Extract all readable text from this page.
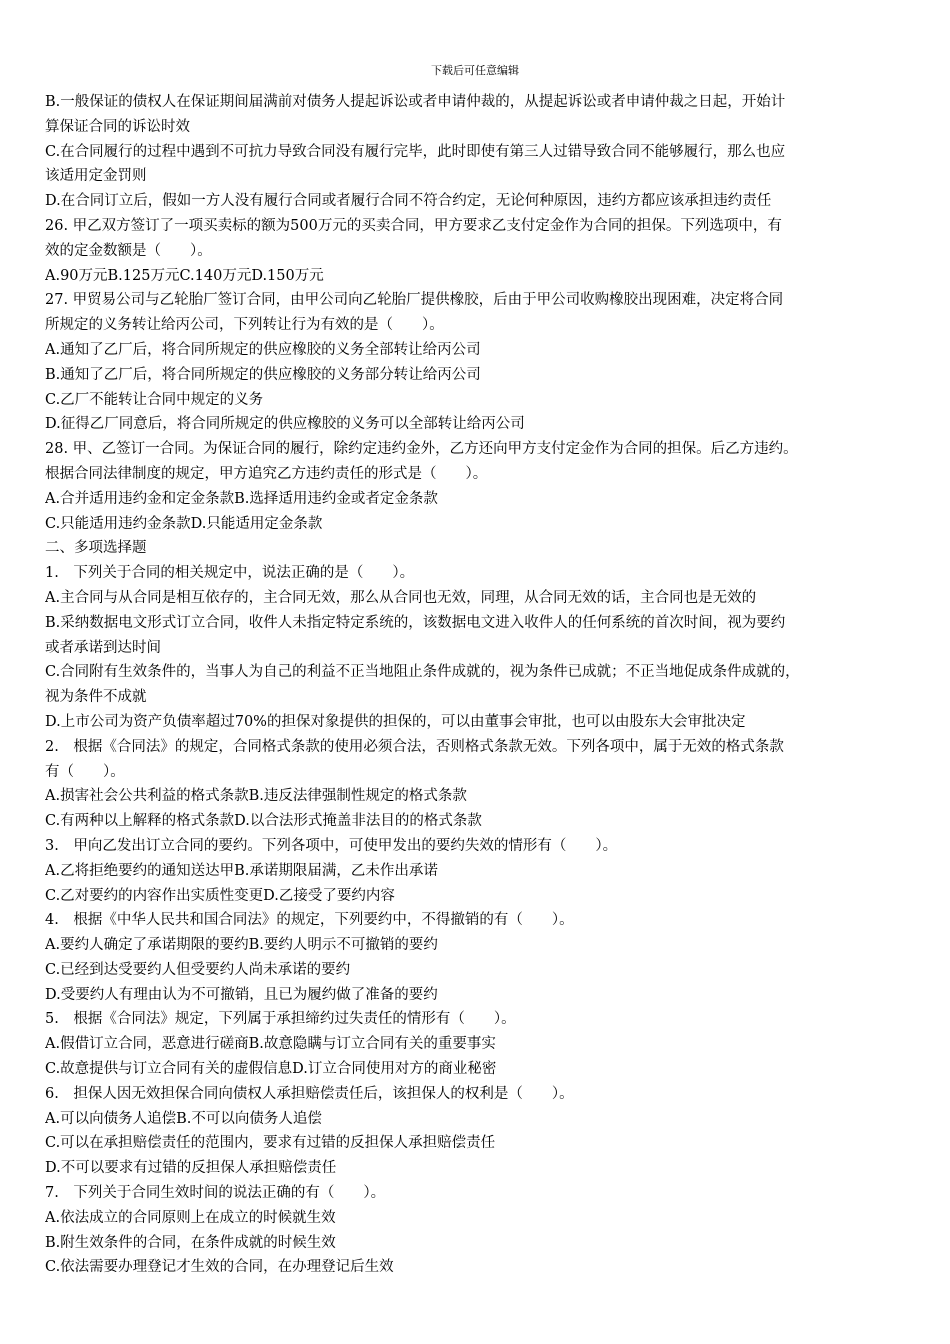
下载后可任意编辑
B.一般保证的债权人在保证期间届满前对债务人提起诉讼或者申请仲裁的，从提起诉讼或者申请仲裁之日起，开始计
算保证合同的诉讼时效
C.在合同履行的过程中遇到不可抗力导致合同没有履行完毕，此时即使有第三人过错导致合同不能够履行，那么也应
该适用定金罚则
D.在合同订立后，假如一方人没有履行合同或者履行合同不符合约定，无论何种原因，违约方都应该承担违约责任
26. 甲乙双方签订了一项买卖标的额为500万元的买卖合同，甲方要求乙支付定金作为合同的担保。下列选项中，有
效的定金数额是（　　）。
A.90万元B.125万元C.140万元D.150万元
27. 甲贸易公司与乙轮胎厂签订合同，由甲公司向乙轮胎厂提供橡胶，后由于甲公司收购橡胶出现困难，决定将合同
所规定的义务转让给丙公司，下列转让行为有效的是（　　）。
A.通知了乙厂后，将合同所规定的供应橡胶的义务全部转让给丙公司
B.通知了乙厂后，将合同所规定的供应橡胶的义务部分转让给丙公司
C.乙厂不能转让合同中规定的义务
D.征得乙厂同意后，将合同所规定的供应橡胶的义务可以全部转让给丙公司
28. 甲、乙签订一合同。为保证合同的履行，除约定违约金外，乙方还向甲方支付定金作为合同的担保。后乙方违约。
根据合同法律制度的规定，甲方追究乙方违约责任的形式是（　　）。
A.合并适用违约金和定金条款B.选择适用违约金或者定金条款
C.只能适用违约金条款D.只能适用定金条款
二、多项选择题
1.　下列关于合同的相关规定中，说法正确的是（　　）。
A.主合同与从合同是相互依存的，主合同无效，那么从合同也无效，同理，从合同无效的话，主合同也是无效的
B.采纳数据电文形式订立合同，收件人未指定特定系统的，该数据电文进入收件人的任何系统的首次时间，视为要约
或者承诺到达时间
C.合同附有生效条件的，当事人为自己的利益不正当地阻止条件成就的，视为条件已成就；不正当地促成条件成就的，
视为条件不成就
D.上市公司为资产负债率超过70%的担保对象提供的担保的，可以由董事会审批，也可以由股东大会审批决定
2.　根据《合同法》的规定，合同格式条款的使用必须合法，否则格式条款无效。下列各项中，属于无效的格式条款
有（　　）。
A.损害社会公共利益的格式条款B.违反法律强制性规定的格式条款
C.有两种以上解释的格式条款D.以合法形式掩盖非法目的的格式条款
3.　甲向乙发出订立合同的要约。下列各项中，可使甲发出的要约失效的情形有（　　）。
A.乙将拒绝要约的通知送达甲B.承诺期限届满，乙未作出承诺
C.乙对要约的内容作出实质性变更D.乙接受了要约内容
4.　根据《中华人民共和国合同法》的规定，下列要约中，不得撤销的有（　　）。
A.要约人确定了承诺期限的要约B.要约人明示不可撤销的要约
C.已经到达受要约人但受要约人尚未承诺的要约
D.受要约人有理由认为不可撤销，且已为履约做了准备的要约
5.　根据《合同法》规定，下列属于承担缔约过失责任的情形有（　　）。
A.假借订立合同，恶意进行磋商B.故意隐瞒与订立合同有关的重要事实
C.故意提供与订立合同有关的虚假信息D.订立合同使用对方的商业秘密
6.　担保人因无效担保合同向债权人承担赔偿责任后，该担保人的权利是（　　）。
A.可以向债务人追偿B.不可以向债务人追偿
C.可以在承担赔偿责任的范围内，要求有过错的反担保人承担赔偿责任
D.不可以要求有过错的反担保人承担赔偿责任
7.　下列关于合同生效时间的说法正确的有（　　）。
A.依法成立的合同原则上在成立的时候就生效
B.附生效条件的合同，在条件成就的时候生效
C.依法需要办理登记才生效的合同，在办理登记后生效
